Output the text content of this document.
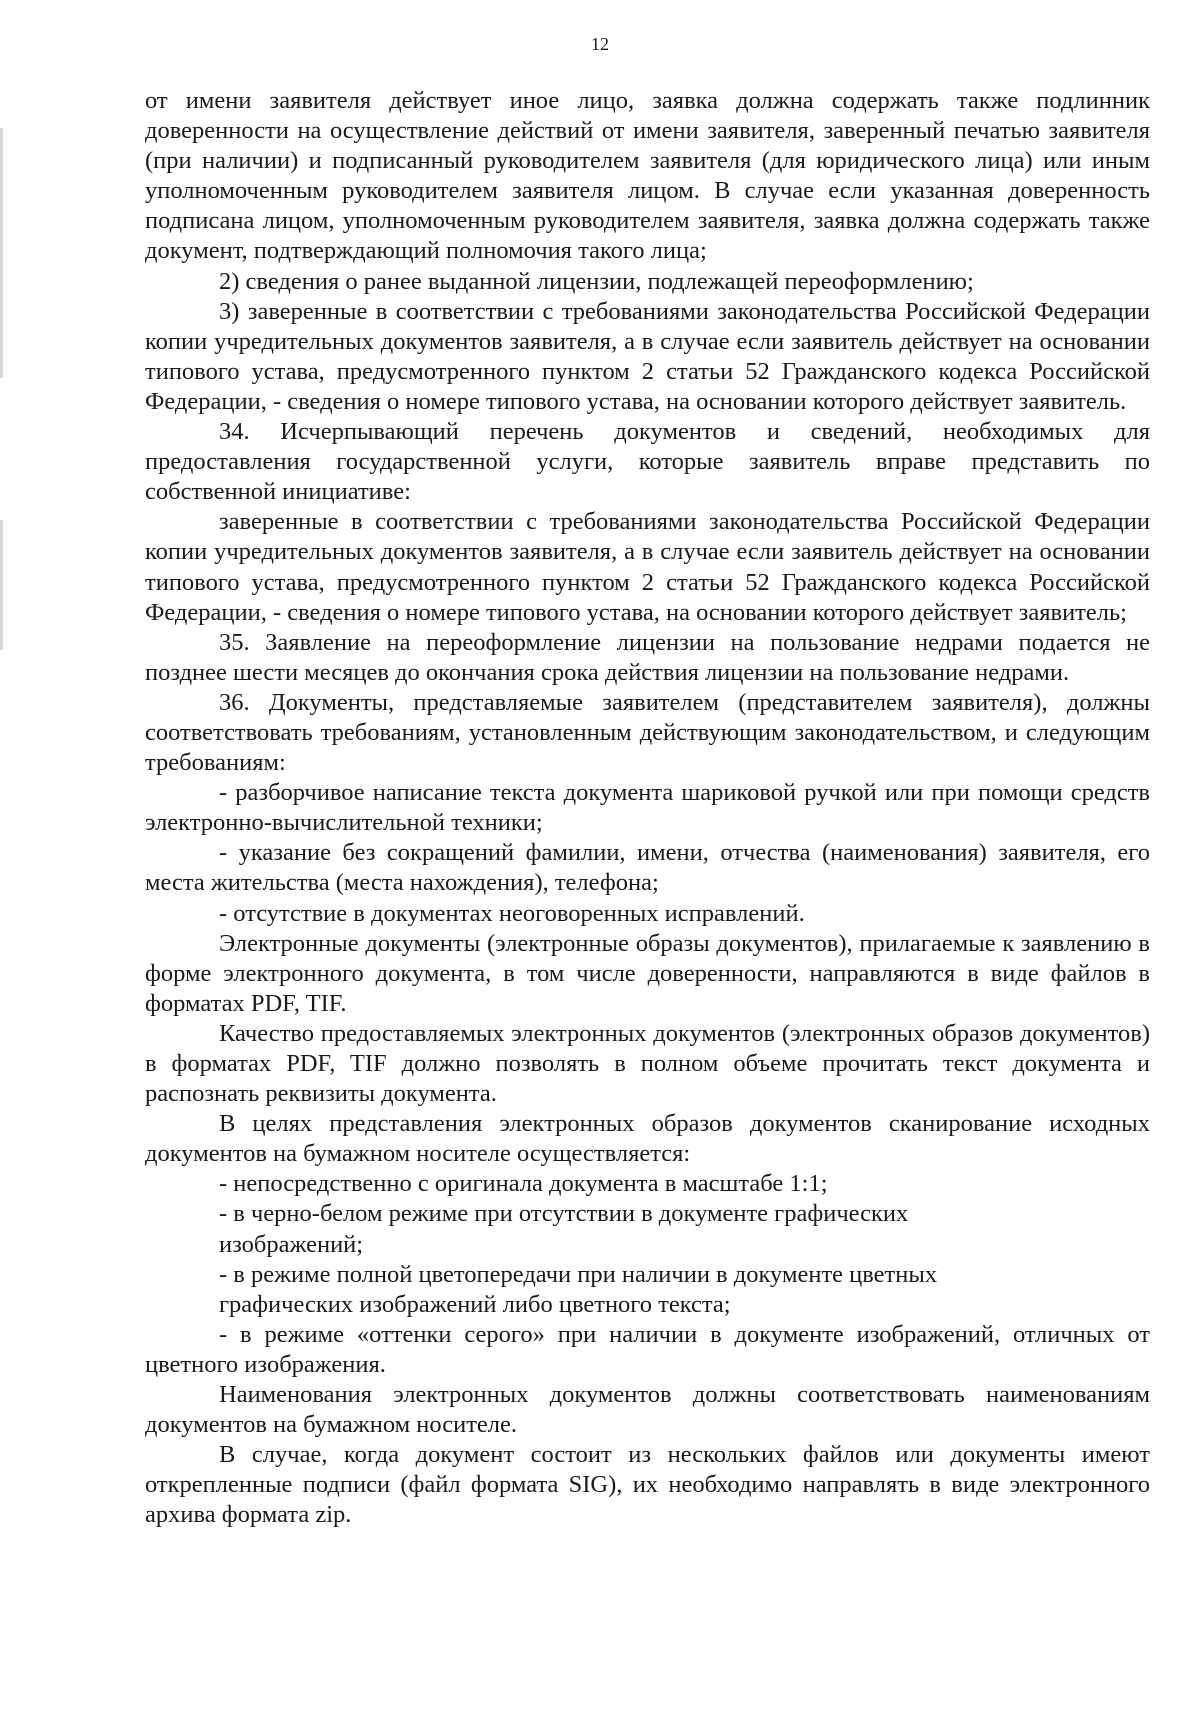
12

от имени заявителя действует иное лицо, заявка должна содержать также подлинник доверенности на осуществление действий от имени заявителя, заверенный печатью заявителя (при наличии) и подписанный руководителем заявителя (для юридического лица) или иным уполномоченным руководителем заявителя лицом. В случае если указанная доверенность подписана лицом, уполномоченным руководителем заявителя, заявка должна содержать также документ, подтверждающий полномочия такого лица;

2) сведения о ранее выданной лицензии, подлежащей переоформлению;

3) заверенные в соответствии с требованиями законодательства Российской Федерации копии учредительных документов заявителя, а в случае если заявитель действует на основании типового устава, предусмотренного пунктом 2 статьи 52 Гражданского кодекса Российской Федерации, - сведения о номере типового устава, на основании которого действует заявитель.

34. Исчерпывающий перечень документов и сведений, необходимых для предоставления государственной услуги, которые заявитель вправе представить по собственной инициативе:

заверенные в соответствии с требованиями законодательства Российской Федерации копии учредительных документов заявителя, а в случае если заявитель действует на основании типового устава, предусмотренного пунктом 2 статьи 52 Гражданского кодекса Российской Федерации, - сведения о номере типового устава, на основании которого действует заявитель;

35. Заявление на переоформление лицензии на пользование недрами подается не позднее шести месяцев до окончания срока действия лицензии на пользование недрами.

36. Документы, представляемые заявителем (представителем заявителя), должны соответствовать требованиям, установленным действующим законодательством, и следующим требованиям:

- разборчивое написание текста документа шариковой ручкой или при помощи средств электронно-вычислительной техники;

- указание без сокращений фамилии, имени, отчества (наименования) заявителя, его места жительства (места нахождения), телефона;

- отсутствие в документах неоговоренных исправлений.

Электронные документы (электронные образы документов), прилагаемые к заявлению в форме электронного документа, в том числе доверенности, направляются в виде файлов в форматах PDF, TIF.

Качество предоставляемых электронных документов (электронных образов документов) в форматах PDF, TIF должно позволять в полном объеме прочитать текст документа и распознать реквизиты документа.

В целях представления электронных образов документов сканирование исходных документов на бумажном носителе осуществляется:

- непосредственно с оригинала документа в масштабе 1:1;

- в черно-белом режиме при отсутствии в документе графических
изображений;

- в режиме полной цветопередачи при наличии в документе цветных
графических изображений либо цветного текста;

- в режиме «оттенки серого» при наличии в документе изображений, отличных от цветного изображения.

Наименования электронных документов должны соответствовать наименованиям документов на бумажном носителе.

В случае, когда документ состоит из нескольких файлов или документы имеют открепленные подписи (файл формата SIG), их необходимо направлять в виде электронного архива формата zip.
